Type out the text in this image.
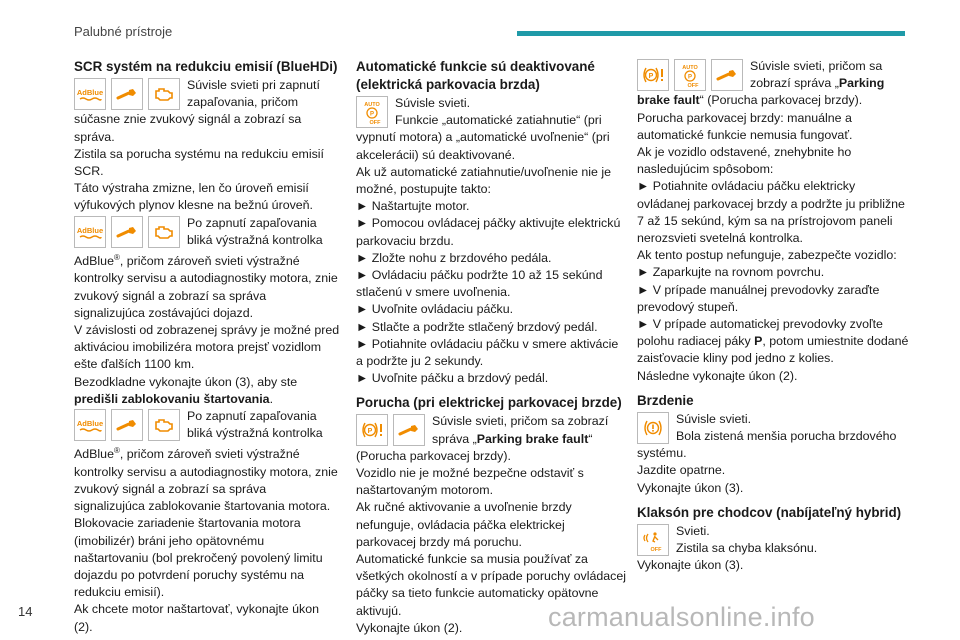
Palubné prístroje
SCR systém na redukciu emisií (BlueHDi)
AdBlue

Súvisle svieti pri zapnutí zapaľovania, pričom súčasne znie zvukový signál a zobrazí sa správa.

Zistila sa porucha systému na redukciu emisií SCR.

Táto výstraha zmizne, len čo úroveň emisií výfukových plynov klesne na bežnú úroveň.

AdBlue

Po zapnutí zapaľovania bliká výstražná kontrolka AdBlue®, pričom zároveň svieti výstražné kontrolky servisu a autodiagnostiky motora, znie zvukový signál a zobrazí sa správa signalizujúca zostávajúci dojazd.

V závislosti od zobrazenej správy je možné pred aktiváciou imobilizéra motora prejsť vozidlom ešte ďalších 1100 km.

Bezodkladne vykonajte úkon (3), aby ste predišli zablokovaniu štartovania.

AdBlue

Po zapnutí zapaľovania bliká výstražná kontrolka AdBlue®, pričom zároveň svieti výstražné kontrolky servisu a autodiagnostiky motora, znie zvukový signál a zobrazí sa správa signalizujúca zablokovanie štartovania motora.

Blokovacie zariadenie štartovania motora (imobilizér) bráni jeho opätovnému naštartovaniu (bol prekročený povolený limitu dojazdu po potvrdení poruchy systému na redukciu emisií).

Ak chcete motor naštartovať, vykonajte úkon (2).

Automatické funkcie sú deaktivované (elektrická parkovacia brzda)
AUTO
P
OFF

Súvisle svieti.

Funkcie „automatické zatiahnutie“ (pri vypnutí motora) a „automatické uvoľnenie“ (pri akcelerácii) sú deaktivované.

Ak už automatické zatiahnutie/uvoľnenie nie je možné, postupujte takto:

► Naštartujte motor.

► Pomocou ovládacej páčky aktivujte elektrickú parkovaciu brzdu.

► Zložte nohu z brzdového pedála.

► Ovládaciu páčku podržte 10 až 15 sekúnd stlačenú v smere uvoľnenia.

► Uvoľnite ovládaciu páčku.

► Stlačte a podržte stlačený brzdový pedál.

► Potiahnite ovládaciu páčku v smere aktivácie a podržte ju 2 sekundy.

► Uvoľnite páčku a brzdový pedál.

Porucha (pri elektrickej parkovacej brzde)
P

Súvisle svieti, pričom sa zobrazí správa „Parking brake fault“ (Porucha parkovacej brzdy).

Vozidlo nie je možné bezpečne odstaviť s naštartovaným motorom.

Ak ručné aktivovanie a uvoľnenie brzdy nefunguje, ovládacia páčka elektrickej parkovacej brzdy má poruchu.

Automatické funkcie sa musia používať za všetkých okolností a v prípade poruchy ovládacej páčky sa tieto funkcie automaticky opätovne aktivujú.

Vykonajte úkon (2).

P
AUTO
P
OFF

Súvisle svieti, pričom sa zobrazí správa „Parking brake fault“ (Porucha parkovacej brzdy).

Porucha parkovacej brzdy: manuálne a automatické funkcie nemusia fungovať.

Ak je vozidlo odstavené, znehybnite ho nasledujúcim spôsobom:

► Potiahnite ovládaciu páčku elektricky ovládanej parkovacej brzdy a podržte ju približne 7 až 15 sekúnd, kým sa na prístrojovom paneli nerozsvieti svetelná kontrolka.

Ak tento postup nefunguje, zabezpečte vozidlo:

► Zaparkujte na rovnom povrchu.

► V prípade manuálnej prevodovky zaraďte prevodový stupeň.

► V prípade automatickej prevodovky zvoľte polohu radiacej páky P, potom umiestnite dodané zaisťovacie kliny pod jedno z kolies.

Následne vykonajte úkon (2).

Brzdenie

Súvisle svieti.

Bola zistená menšia porucha brzdového systému.

Jazdite opatrne.

Vykonajte úkon (3).

Klaksón pre chodcov (nabíjateľný hybrid)
OFF

Svieti.

Zistila sa chyba klaksónu.

Vykonajte úkon (3).

14	carmanualsonline.info
